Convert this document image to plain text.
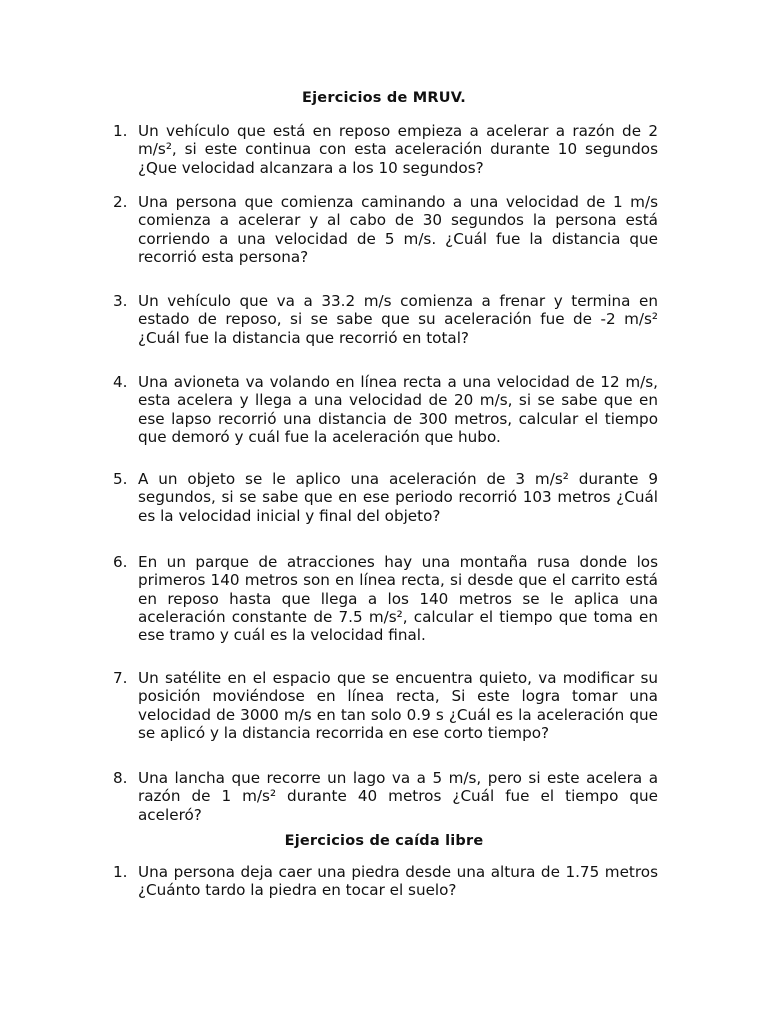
Ejercicios de MRUV.
1. Un vehículo que está en reposo empieza a acelerar a razón de 2 m/s², si este continua con esta aceleración durante 10 segundos ¿Que velocidad alcanzara a los 10 segundos?
2. Una persona que comienza caminando a una velocidad de 1 m/s comienza a acelerar y al cabo de 30 segundos la persona está corriendo a una velocidad de 5 m/s. ¿Cuál fue la distancia que recorrió esta persona?
3. Un vehículo que va a 33.2 m/s comienza a frenar y termina en estado de reposo, si se sabe que su aceleración fue de -2 m/s² ¿Cuál fue la distancia que recorrió en total?
4. Una avioneta va volando en línea recta a una velocidad de 12 m/s, esta acelera y llega a una velocidad de 20 m/s, si se sabe que en ese lapso recorrió una distancia de 300 metros, calcular el tiempo que demoró y cuál fue la aceleración que hubo.
5. A un objeto se le aplico una aceleración de 3 m/s² durante 9 segundos, si se sabe que en ese periodo recorrió 103 metros ¿Cuál es la velocidad inicial y final del objeto?
6. En un parque de atracciones hay una montaña rusa donde los primeros 140 metros son en línea recta, si desde que el carrito está en reposo hasta que llega a los 140 metros se le aplica una aceleración constante de 7.5 m/s², calcular el tiempo que toma en ese tramo y cuál es la velocidad final.
7. Un satélite en el espacio que se encuentra quieto, va modificar su posición moviéndose en línea recta, Si este logra tomar una velocidad de 3000 m/s en tan solo 0.9 s ¿Cuál es la aceleración que se aplicó y la distancia recorrida en ese corto tiempo?
8. Una lancha que recorre un lago va a 5 m/s, pero si este acelera a razón de 1 m/s² durante 40 metros ¿Cuál fue el tiempo que aceleró?
Ejercicios de caída libre
1. Una persona deja caer una piedra desde una altura de 1.75 metros ¿Cuánto tardo la piedra en tocar el suelo?
